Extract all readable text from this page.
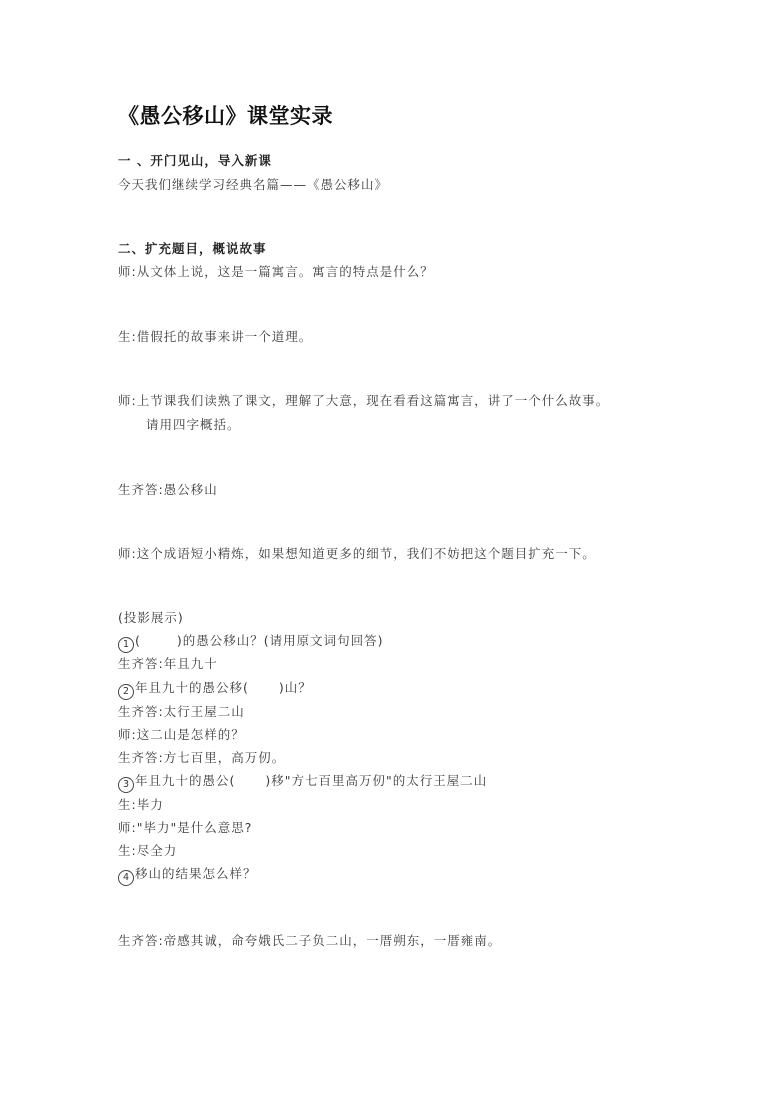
《愚公移山》课堂实录
一 、开门见山，导入新课
今天我们继续学习经典名篇——《愚公移山》
二、扩充题目，概说故事
师:从文体上说，这是一篇寓言。寓言的特点是什么？
生:借假托的故事来讲一个道理。
师:上节课我们读熟了课文，理解了大意，现在看看这篇寓言，讲了一个什么故事。
请用四字概括。
生齐答:愚公移山
师:这个成语短小精炼，如果想知道更多的细节，我们不妨把这个题目扩充一下。
(投影展示)
1 (	)的愚公移山？(请用原文词句回答)
生齐答:年且九十
2 年且九十的愚公移( )山？
生齐答:太行王屋二山
师:这二山是怎样的？
生齐答:方七百里，高万仞。
3 年且九十的愚公( )移"方七百里高万仞"的太行王屋二山
生:毕力
师:"毕力"是什么意思?
生:尽全力
4 移山的结果怎么样？
生齐答:帝感其诚，命夸娥氏二子负二山，一厝朔东，一厝雍南。
